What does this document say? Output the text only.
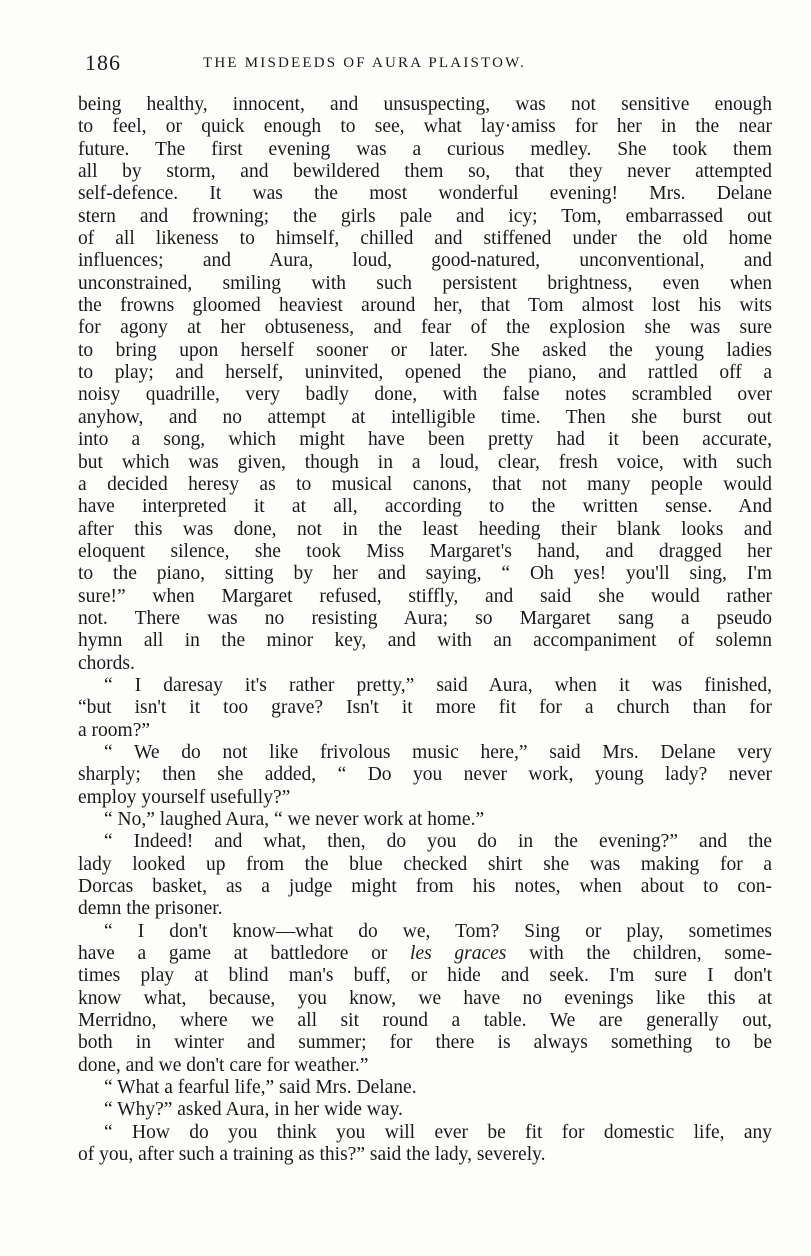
186	THE MISDEEDS OF AURA PLAISTOW.
being healthy, innocent, and unsuspecting, was not sensitive enough
to feel, or quick enough to see, what lay·amiss for her in the near
future. The first evening was a curious medley. She took them
all by storm, and bewildered them so, that they never attempted
self-defence. It was the most wonderful evening! Mrs. Delane
stern and frowning; the girls pale and icy; Tom, embarrassed out
of all likeness to himself, chilled and stiffened under the old home
influences; and Aura, loud, good-natured, unconventional, and
unconstrained, smiling with such persistent brightness, even when
the frowns gloomed heaviest around her, that Tom almost lost his wits
for agony at her obtuseness, and fear of the explosion she was sure
to bring upon herself sooner or later. She asked the young ladies
to play; and herself, uninvited, opened the piano, and rattled off a
noisy quadrille, very badly done, with false notes scrambled over
anyhow, and no attempt at intelligible time. Then she burst out
into a song, which might have been pretty had it been accurate,
but which was given, though in a loud, clear, fresh voice, with such
a decided heresy as to musical canons, that not many people would
have interpreted it at all, according to the written sense. And
after this was done, not in the least heeding their blank looks and
eloquent silence, she took Miss Margaret's hand, and dragged her
to the piano, sitting by her and saying, “ Oh yes! you'll sing, I'm
sure!” when Margaret refused, stiffly, and said she would rather
not. There was no resisting Aura; so Margaret sang a pseudo
hymn all in the minor key, and with an accompaniment of solemn
chords.
“ I daresay it's rather pretty,” said Aura, when it was finished,
“but isn't it too grave? Isn't it more fit for a church than for
a room?”
“ We do not like frivolous music here,” said Mrs. Delane very
sharply; then she added, “ Do you never work, young lady? never
employ yourself usefully?”
“ No,” laughed Aura, “ we never work at home.”
“ Indeed! and what, then, do you do in the evening?” and the
lady looked up from the blue checked shirt she was making for a
Dorcas basket, as a judge might from his notes, when about to con-
demn the prisoner.
“ I don't know—what do we, Tom? Sing or play, sometimes
have a game at battledore or les graces with the children, some-
times play at blind man's buff, or hide and seek. I'm sure I don't
know what, because, you know, we have no evenings like this at
Merridno, where we all sit round a table. We are generally out,
both in winter and summer; for there is always something to be
done, and we don't care for weather.”
“ What a fearful life,” said Mrs. Delane.
“ Why?” asked Aura, in her wide way.
“ How do you think you will ever be fit for domestic life, any
of you, after such a training as this?” said the lady, severely.
